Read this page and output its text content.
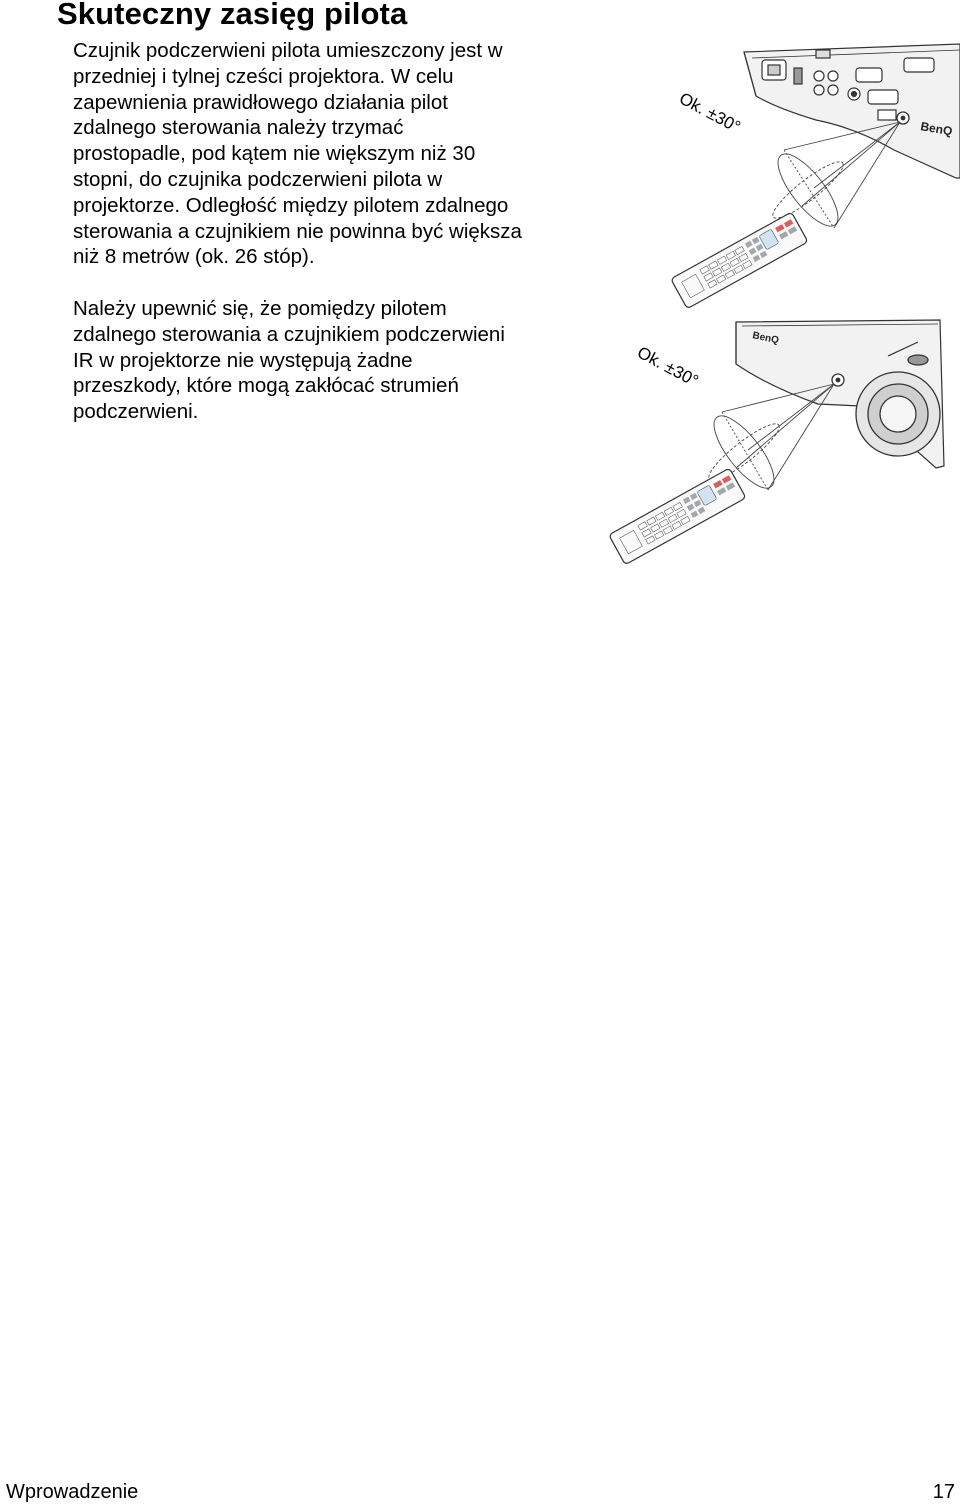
Skuteczny zasięg pilota
Czujnik podczerwieni pilota umieszczony jest w
przedniej i tylnej cześci projektora. W celu
zapewnienia prawidłowego działania pilot
zdalnego sterowania należy trzymać
prostopadle, pod kątem nie większym niż 30
stopni, do czujnika podczerwieni pilota w
projektorze. Odległość między pilotem zdalnego
sterowania a czujnikiem nie powinna być większa
niż 8 metrów (ok. 26 stóp).
Należy upewnić się, że pomiędzy pilotem
zdalnego sterowania a czujnikiem podczerwieni
IR w projektorze nie występują żadne
przeszkody, które mogą zakłócać strumień
podczerwieni.
BenQ
Ok. ±30°
BenQ
Ok. ±30°
Wprowadzenie	17
